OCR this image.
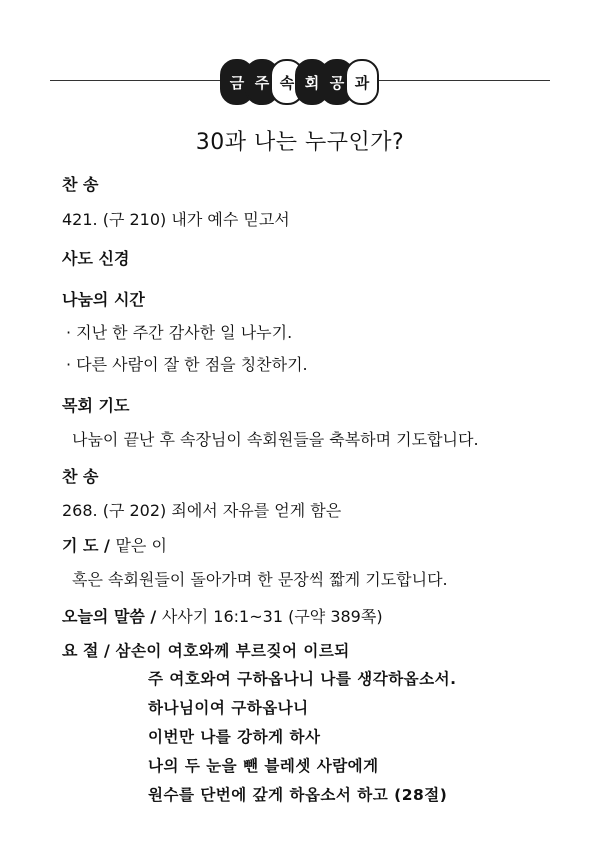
금 주 속 회 공 과
30과 나는 누구인가?
찬 송
421. (구 210) 내가 예수 믿고서
사도 신경
나눔의 시간
· 지난 한 주간 감사한 일 나누기.
· 다른 사람이 잘 한 점을 칭찬하기.
목회 기도
나눔이 끝난 후 속장님이 속회원들을 축복하며 기도합니다.
찬 송
268. (구 202) 죄에서 자유를 얻게 함은
기 도 / 맡은 이
혹은 속회원들이 돌아가며 한 문장씩 짧게 기도합니다.
오늘의 말씀 / 사사기 16:1~31 (구약 389쪽)
요 절 / 삼손이 여호와께 부르짖어 이르되
주 여호와여 구하옵나니 나를 생각하옵소서.
하나님이여 구하옵나니
이번만 나를 강하게 하사
나의 두 눈을 뺀 블레셋 사람에게
원수를 단번에 갚게 하옵소서 하고 (28절)
